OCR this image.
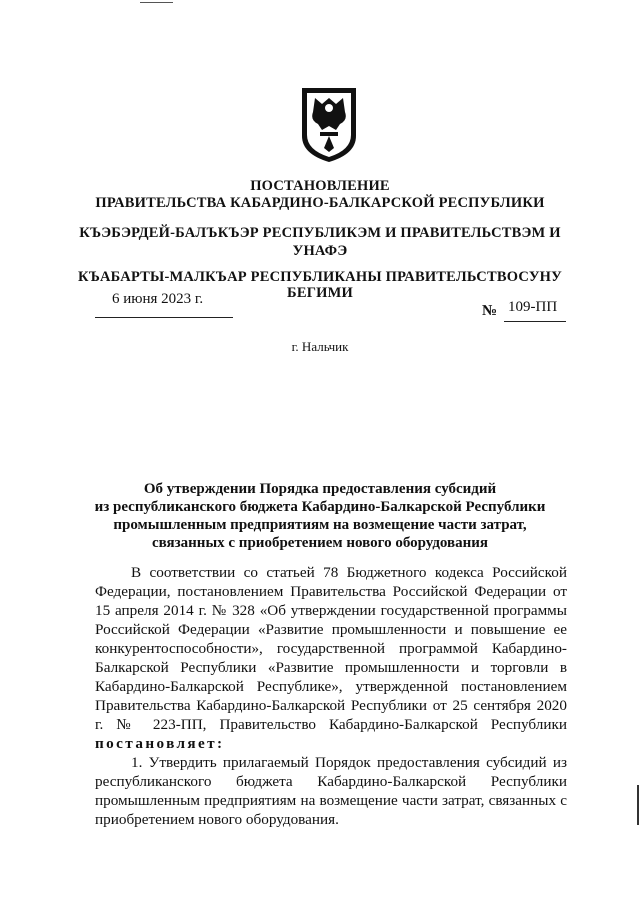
ПОСТАНОВЛЕНИЕ
ПРАВИТЕЛЬСТВА КАБАРДИНО-БАЛКАРСКОЙ РЕСПУБЛИКИ
КЪЭБЭРДЕЙ-БАЛЪКЪЭР РЕСПУБЛИКЭМ И ПРАВИТЕЛЬСТВЭМ И
УНАФЭ
КЪАБАРТЫ-МАЛКЪАР РЕСПУБЛИКАНЫ ПРАВИТЕЛЬСТВОСУНУ
БЕГИМИ
6 июня 2023 г.
№ 109-ПП
г. Нальчик
Об утверждении Порядка предоставления субсидий
из республиканского бюджета Кабардино-Балкарской Республики
промышленным предприятиям на возмещение части затрат,
связанных с приобретением нового оборудования

В соответствии со статьей 78 Бюджетного кодекса Российской Федерации, постановлением Правительства Российской Федерации от 15 апреля 2014 г. № 328 «Об утверждении государственной программы Российской Федерации «Развитие промышленности и повышение ее конкурентоспособности», государственной программой Кабардино-Балкарской Республики «Развитие промышленности и торговли в Кабардино-Балкарской Республике», утвержденной постановлением Правительства Кабардино-Балкарской Республики от 25 сентября 2020 г. № 223-ПП, Правительство Кабардино-Балкарской Республики постановляет:

1. Утвердить прилагаемый Порядок предоставления субсидий из республиканского бюджета Кабардино-Балкарской Республики промышленным предприятиям на возмещение части затрат, связанных с приобретением нового оборудования.
